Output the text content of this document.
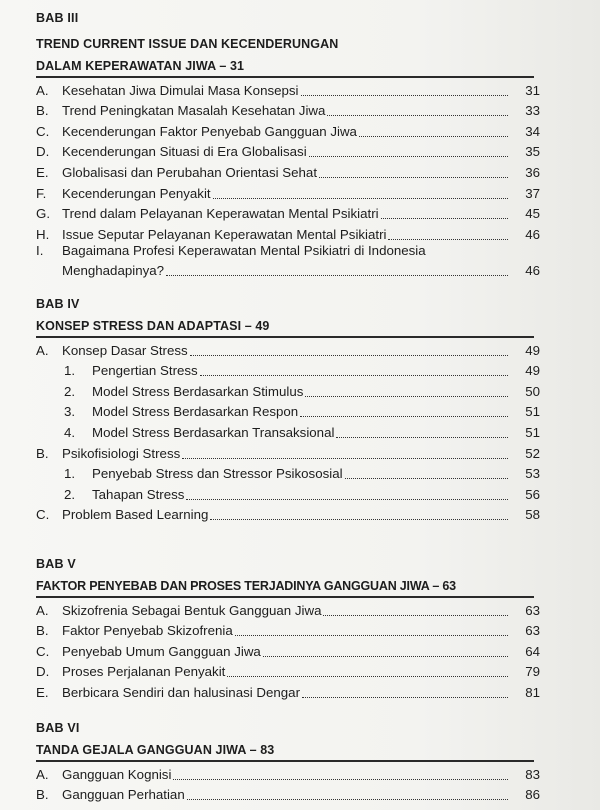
BAB III
TREND CURRENT ISSUE DAN KECENDERUNGAN
DALAM KEPERAWATAN JIWA – 31
A.	Kesehatan Jiwa Dimulai Masa Konsepsi	31
B.	Trend Peningkatan Masalah Kesehatan Jiwa	33
C. Kecenderungan Faktor Penyebab Gangguan Jiwa	34
D. Kecenderungan Situasi di Era Globalisasi	35
E.	Globalisasi dan Perubahan Orientasi Sehat	36
F.	Kecenderungan Penyakit	37
G. Trend dalam Pelayanan Keperawatan Mental Psikiatri	45
H. Issue Seputar Pelayanan Keperawatan Mental Psikiatri	46
I.	Bagaimana Profesi Keperawatan Mental Psikiatri di Indonesia
Menghadapinya?	46
BAB IV
KONSEP STRESS DAN ADAPTASI – 49
A.	Konsep Dasar Stress	49
1.	Pengertian Stress	49
2.	Model Stress Berdasarkan Stimulus	50
3.	Model Stress Berdasarkan Respon	51
4.	Model Stress Berdasarkan Transaksional	51
B.	Psikofisiologi Stress	52
1.	Penyebab Stress dan Stressor Psikososial	53
2.	Tahapan Stress	56
C. Problem Based Learning	58
BAB V
FAKTOR PENYEBAB DAN PROSES TERJADINYA GANGGUAN JIWA – 63
A.	Skizofrenia Sebagai Bentuk Gangguan Jiwa	63
B.	Faktor Penyebab Skizofrenia	63
C. Penyebab Umum Gangguan Jiwa	64
D. Proses Perjalanan Penyakit	79
E.	Berbicara Sendiri dan halusinasi Dengar	81
BAB VI
TANDA GEJALA GANGGUAN JIWA – 83
A.	Gangguan Kognisi	83
B.	Gangguan Perhatian	86
